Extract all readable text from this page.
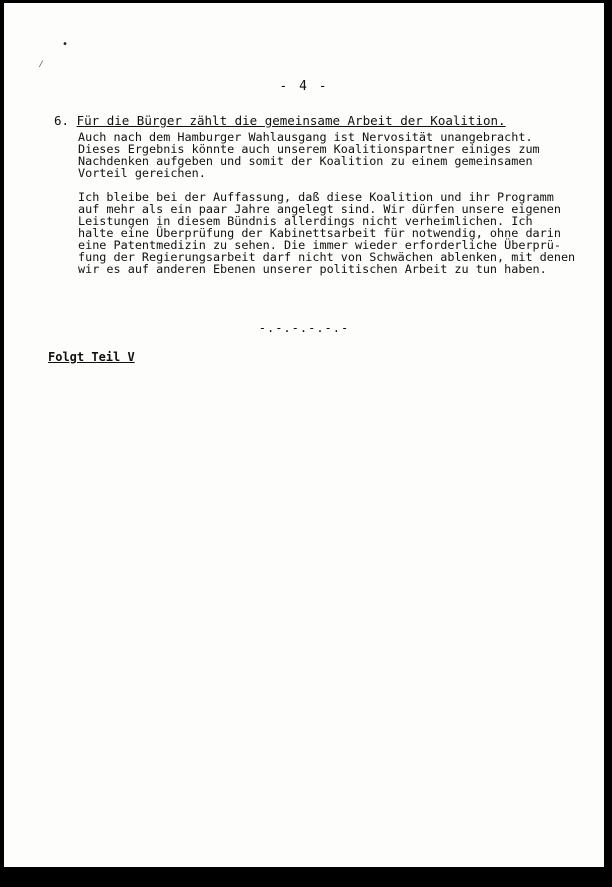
•
⁄
- 4 -
6. Für die Bürger zählt die gemeinsame Arbeit der Koalition.
Auch nach dem Hamburger Wahlausgang ist Nervosität unangebracht.
Dieses Ergebnis könnte auch unserem Koalitionspartner einiges zum
Nachdenken aufgeben und somit der Koalition zu einem gemeinsamen
Vorteil gereichen.
Ich bleibe bei der Auffassung, daß diese Koalition und ihr Programm
auf mehr als ein paar Jahre angelegt sind. Wir dürfen unsere eigenen
Leistungen in diesem Bündnis allerdings nicht verheimlichen. Ich
halte eine Überprüfung der Kabinettsarbeit für notwendig, ohne darin
eine Patentmedizin zu sehen. Die immer wieder erforderliche Überprü-
fung der Regierungsarbeit darf nicht von Schwächen ablenken, mit denen
wir es auf anderen Ebenen unserer politischen Arbeit zu tun haben.
-.-.-.-.-.-
Folgt Teil V
